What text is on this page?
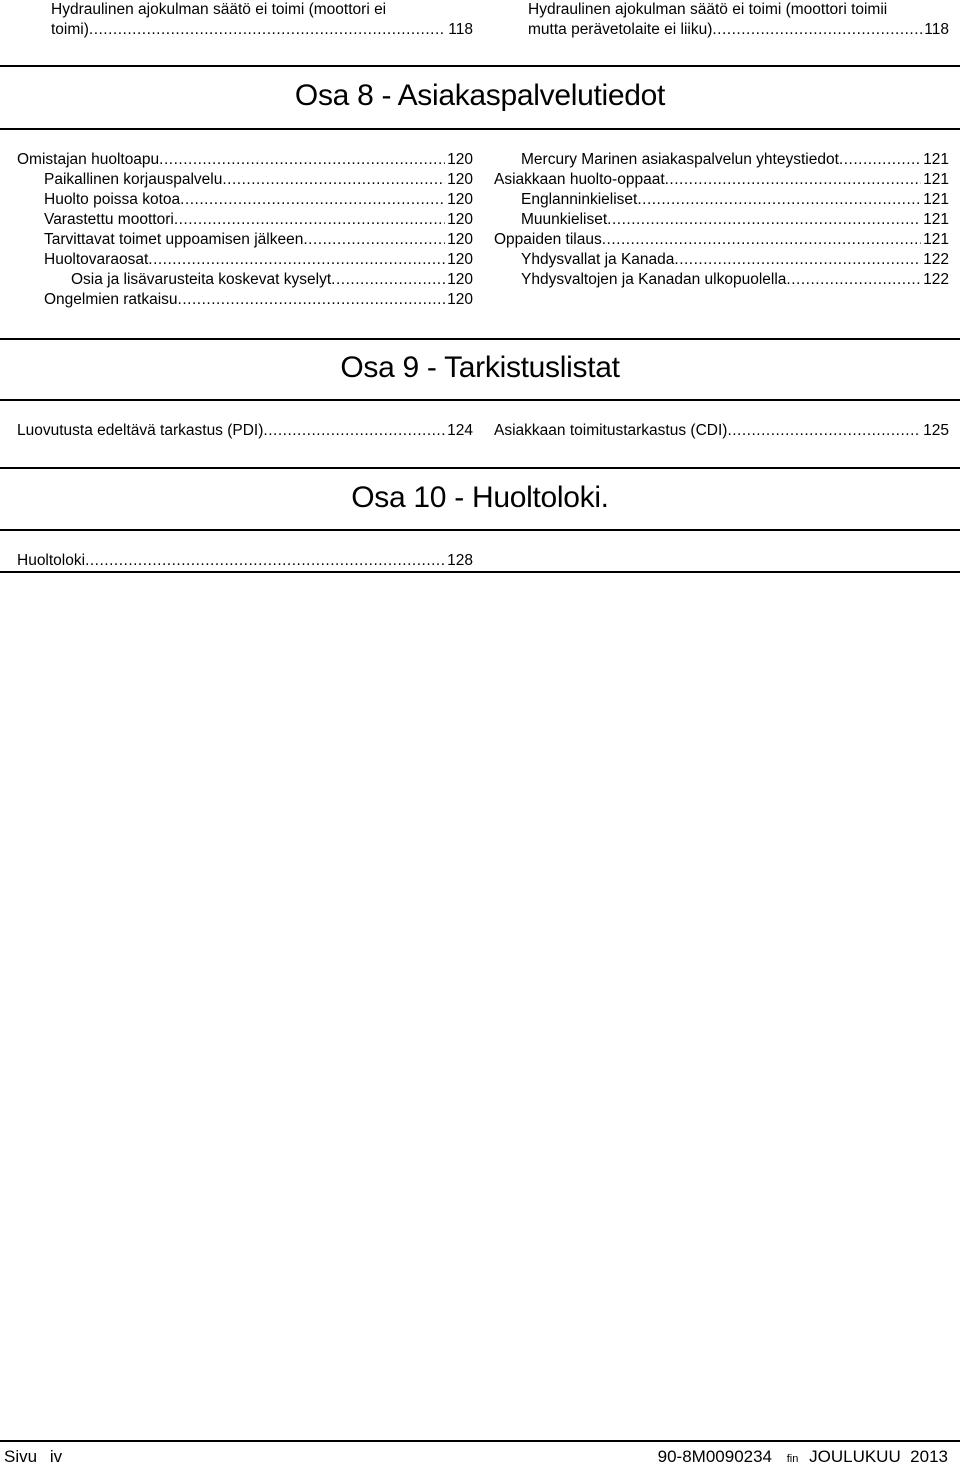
Hydraulinen ajokulman säätö ei toimi (moottori ei
toimi) .....	118
Hydraulinen ajokulman säätö ei toimi (moottori toimii
mutta perävetolaite ei liiku) .....	118
Osa 8 - Asiakaspalvelutiedot
Omistajan huoltoapu .....	120
Paikallinen korjauspalvelu .....	120
Huolto poissa kotoa .....	120
Varastettu moottori .....	120
Tarvittavat toimet uppoamisen jälkeen .....	120
Huoltovaraosat .....	120
Osia ja lisävarusteita koskevat kyselyt .....	120
Ongelmien ratkaisu .....	120
Mercury Marinen asiakaspalvelun yhteystiedot .....	121
Asiakkaan huolto-oppaat .....	121
Englanninkieliset .....	121
Muunkieliset .....	121
Oppaiden tilaus .....	121
Yhdysvallat ja Kanada .....	122
Yhdysvaltojen ja Kanadan ulkopuolella .....	122
Osa 9 - Tarkistuslistat
Luovutusta edeltävä tarkastus (PDI) .....	124 Asiakkaan toimitustarkastus (CDI) .....	125
Osa 10 - Huoltoloki.
Huoltoloki .....	128
Sivu iv	90-8M0090234 fin JOULUKUU  2013
